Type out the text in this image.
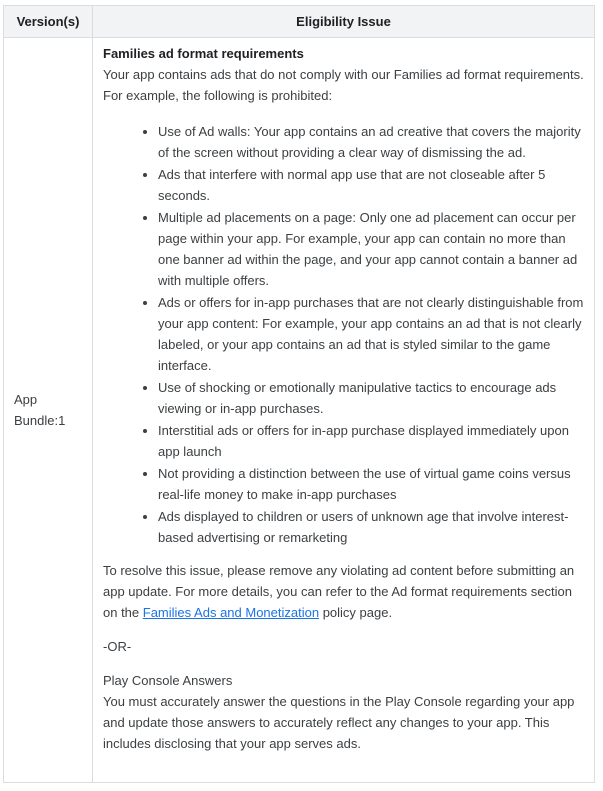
Version(s)	Eligibility Issue
App Bundle:1

Families ad format requirements

Your app contains ads that do not comply with our Families ad format requirements. For example, the following is prohibited:

• Use of Ad walls: Your app contains an ad creative that covers the majority of the screen without providing a clear way of dismissing the ad.
• Ads that interfere with normal app use that are not closeable after 5 seconds.
• Multiple ad placements on a page: Only one ad placement can occur per page within your app. For example, your app can contain no more than one banner ad within the page, and your app cannot contain a banner ad with multiple offers.
• Ads or offers for in-app purchases that are not clearly distinguishable from your app content: For example, your app contains an ad that is not clearly labeled, or your app contains an ad that is styled similar to the game interface.
• Use of shocking or emotionally manipulative tactics to encourage ads viewing or in-app purchases.
• Interstitial ads or offers for in-app purchase displayed immediately upon app launch
• Not providing a distinction between the use of virtual game coins versus real-life money to make in-app purchases
• Ads displayed to children or users of unknown age that involve interest-based advertising or remarketing

To resolve this issue, please remove any violating ad content before submitting an app update. For more details, you can refer to the Ad format requirements section on the Families Ads and Monetization policy page.

-OR-

Play Console Answers

You must accurately answer the questions in the Play Console regarding your app and update those answers to accurately reflect any changes to your app. This includes disclosing that your app serves ads.
